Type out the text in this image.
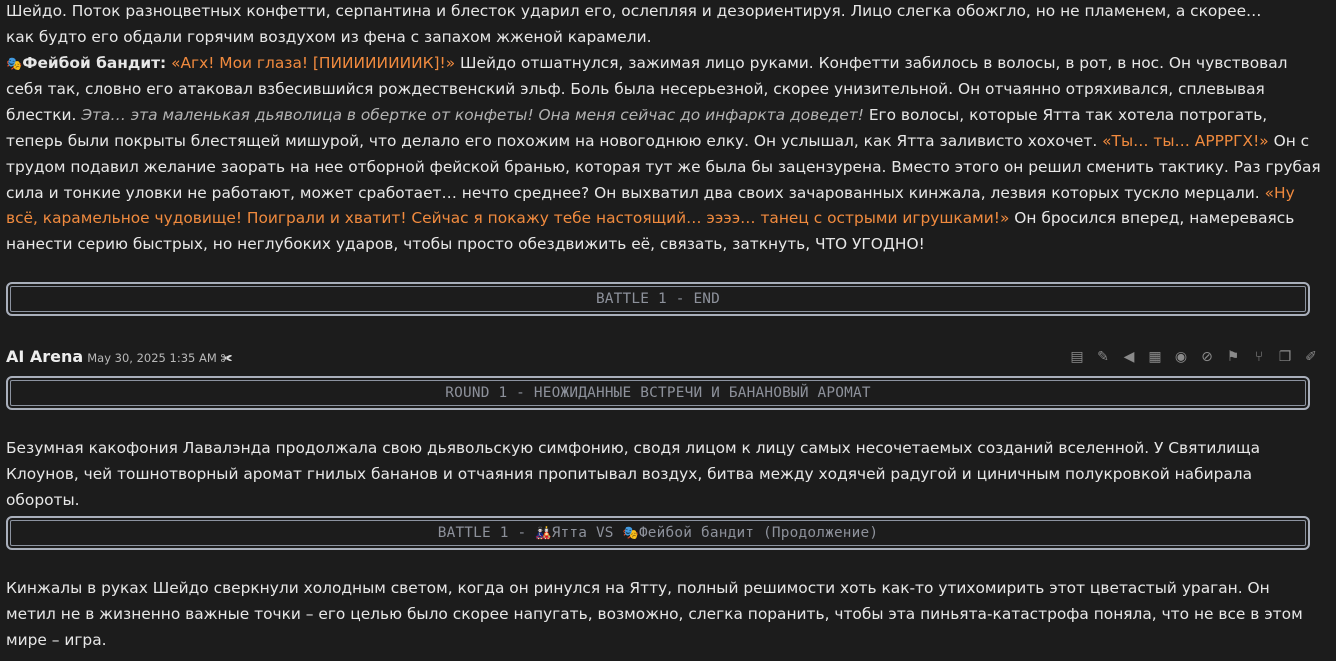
Шейдо. Поток разноцветных конфетти, серпантина и блесток ударил его, ослепляя и дезориентируя. Лицо слегка обожгло, но не пламенем, а скорее…
как будто его обдали горячим воздухом из фена с запахом жженой карамели.
🎭Фейбой бандит: «Агх! Мои глаза! [ПИИИИИИИИК]!» Шейдо отшатнулся, зажимая лицо руками. Конфетти забилось в волосы, в рот, в нос. Он чувствовал себя так, словно его атаковал взбесившийся рождественский эльф. Боль была несерьезной, скорее унизительной. Он отчаянно отряхивался, сплевывая блестки. Эта… эта маленькая дьяволица в обертке от конфеты! Она меня сейчас до инфаркта доведет! Его волосы, которые Ятта так хотела потрогать, теперь были покрыты блестящей мишурой, что делало его похожим на новогоднюю елку. Он услышал, как Ятта заливисто хохочет. «Ты… ты… АРРРГХ!» Он с трудом подавил желание заорать на нее отборной фейской бранью, которая тут же была бы зацензурена. Вместо этого он решил сменить тактику. Раз грубая сила и тонкие уловки не работают, может сработает… нечто среднее? Он выхватил два своих зачарованных кинжала, лезвия которых тускло мерцали. «Ну всё, карамельное чудовище! Поиграли и хватит! Сейчас я покажу тебе настоящий… ээээ… танец с острыми игрушками!» Он бросился вперед, намереваясь нанести серию быстрых, но неглубоких ударов, чтобы просто обездвижить её, связать, заткнуть, ЧТО УГОДНО!

BATTLE 1 - END
AI Arena May 30, 2025 1:35 AM ✀	▤ ✎ ◀ ▦ ◉ ⊘ ⚑	⑂	❐ ✐
ROUND 1 - НЕОЖИДАННЫЕ ВСТРЕЧИ И БАНАНОВЫЙ АРОМАТ

Безумная какофония Лавалэнда продолжала свою дьявольскую симфонию, сводя лицом к лицу самых несочетаемых созданий вселенной. У Святилища Клоунов, чей тошнотворный аромат гнилых бананов и отчаяния пропитывал воздух, битва между ходячей радугой и циничным полукровкой набирала обороты.

BATTLE 1 - 🎎Ятта VS 🎭Фейбой бандит (Продолжение)

Кинжалы в руках Шейдо сверкнули холодным светом, когда он ринулся на Ятту, полный решимости хоть как-то утихомирить этот цветастый ураган. Он метил не в жизненно важные точки – его целью было скорее напугать, возможно, слегка поранить, чтобы эта пиньята-катастрофа поняла, что не все в этом мире – игра.
